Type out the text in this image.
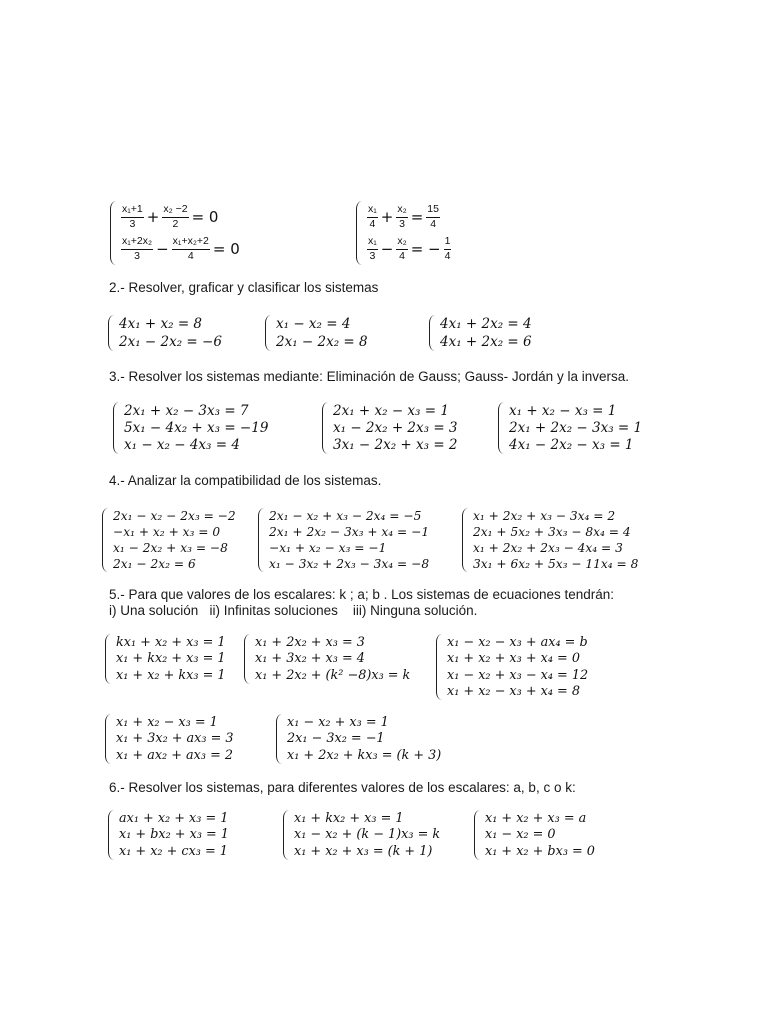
$\frac{\text{x₁+1}}{3} + \frac{\text{x₂ −2}}{2} = 0$
$\frac{\text{x₁+2x₂}}{3} - \frac{\text{x₁+x₂+2}}{4} = 0$
$\frac{\text{x₁}}{4} + \frac{\text{x₂}}{3} = \frac{15}{4}$
$\frac{\text{x₁}}{3} - \frac{\text{x₂}}{4}$ = − $\frac{1}{4}$
2.- Resolver, graficar y clasificar los sistemas
4x₁ + x₂ = 8
2x₁ − 2x₂ = −6
x₁ − x₂ = 4
2x₁ − 2x₂ = 8
4x₁ + 2x₂ = 4
4x₁ + 2x₂ = 6
3.- Resolver los sistemas mediante: Eliminación de Gauss; Gauss- Jordán y la inversa.
2x₁ + x₂ − 3x₃ = 7
5x₁ − 4x₂ + x₃ = −19
x₁ − x₂ − 4x₃ = 4
2x₁ + x₂ − x₃ = 1
x₁ − 2x₂ + 2x₃ = 3
3x₁ − 2x₂ + x₃ = 2
x₁ + x₂ − x₃ = 1
2x₁ + 2x₂ − 3x₃ = 1
4x₁ − 2x₂ − x₃ = 1
4.- Analizar la compatibilidad de los sistemas.
2x₁ − x₂ − 2x₃ = −2
−x₁ + x₂ + x₃ = 0
x₁ − 2x₂ + x₃ = −8
2x₁ − 2x₂ = 6
2x₁ − x₂ + x₃ − 2x₄ = −5
2x₁ + 2x₂ − 3x₃ + x₄ = −1
−x₁ + x₂ − x₃ = −1
x₁ − 3x₂ + 2x₃ − 3x₄ = −8
x₁ + 2x₂ + x₃ − 3x₄ = 2
2x₁ + 5x₂ + 3x₃ − 8x₄ = 4
x₁ + 2x₂ + 2x₃ − 4x₄ = 3
3x₁ + 6x₂ + 5x₃ − 11x₄ = 8
5.- Para que valores de los escalares: k ; a; b . Los sistemas de ecuaciones tendrán:
i) Una solución   ii) Infinitas soluciones    iii) Ninguna solución.
kx₁ + x₂ + x₃ = 1
x₁ + kx₂ + x₃ = 1
x₁ + x₂ + kx₃ = 1
x₁ + 2x₂ + x₃ = 3
x₁ + 3x₂ + x₃ = 4
x₁ + 2x₂ + (k² −8)x₃ = k
x₁ − x₂ − x₃ + ax₄ = b
x₁ + x₂ + x₃ + x₄ = 0
x₁ − x₂ + x₃ − x₄ = 12
x₁ + x₂ − x₃ + x₄ = 8
x₁ + x₂ − x₃ = 1
x₁ + 3x₂ + ax₃ = 3
x₁ + ax₂ + ax₃ = 2
x₁ − x₂ + x₃ = 1
2x₁ − 3x₂ = −1
x₁ + 2x₂ + kx₃ = (k + 3)
6.- Resolver los sistemas, para diferentes valores de los escalares: a, b, c o k:
ax₁ + x₂ + x₃ = 1
x₁ + bx₂ + x₃ = 1
x₁ + x₂ + cx₃ = 1
x₁ + kx₂ + x₃ = 1
x₁ − x₂ + (k − 1)x₃ = k
x₁ + x₂ + x₃ = (k + 1)
x₁ + x₂ + x₃ = a
x₁ − x₂ = 0
x₁ + x₂ + bx₃ = 0
